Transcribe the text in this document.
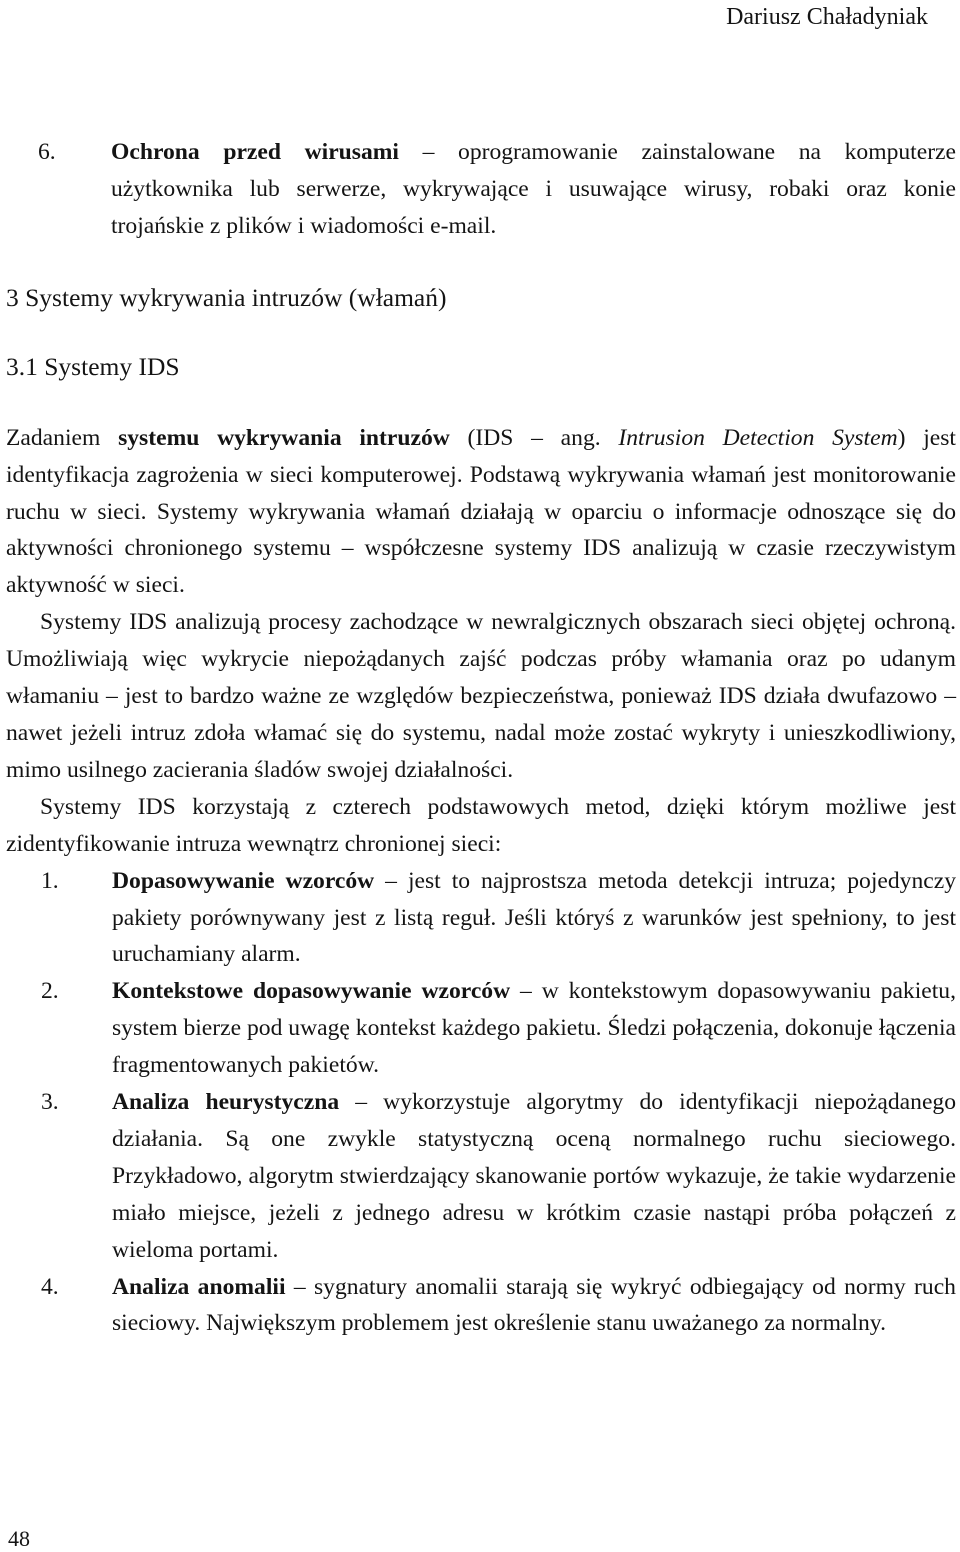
Dariusz Chaładyniak
6.	Ochrona przed wirusami – oprogramowanie zainstalowane na komputerze użytkownika lub serwerze, wykrywające i usuwające wirusy, robaki oraz konie trojańskie z plików i wiadomości e-mail.
3 Systemy wykrywania intruzów (włamań)
3.1 Systemy IDS

Zadaniem systemu wykrywania intruzów (IDS – ang. Intrusion Detection System) jest identyfikacja zagrożenia w sieci komputerowej. Podstawą wykrywania włamań jest monitorowanie ruchu w sieci. Systemy wykrywania włamań działają w oparciu o informacje odnoszące się do aktywności chronionego systemu – współczesne systemy IDS analizują w czasie rzeczywistym aktywność w sieci.

Systemy IDS analizują procesy zachodzące w newralgicznych obszarach sieci objętej ochroną. Umożliwiają więc wykrycie niepożądanych zajść podczas próby włamania oraz po udanym włamaniu – jest to bardzo ważne ze względów bezpieczeństwa, ponieważ IDS działa dwufazowo – nawet jeżeli intruz zdoła włamać się do systemu, nadal może zostać wykryty i unieszkodliwiony, mimo usilnego zacierania śladów swojej działalności.

Systemy IDS korzystają z czterech podstawowych metod, dzięki którym możliwe jest zidentyfikowanie intruza wewnątrz chronionej sieci:

1.	Dopasowywanie wzorców – jest to najprostsza metoda detekcji intruza; pojedynczy pakiety porównywany jest z listą reguł. Jeśli któryś z warunków jest spełniony, to jest uruchamiany alarm.
2.	Kontekstowe dopasowywanie wzorców – w kontekstowym dopasowywaniu pakietu, system bierze pod uwagę kontekst każdego pakietu. Śledzi połączenia, dokonuje łączenia fragmentowanych pakietów.
3.	Analiza heurystyczna – wykorzystuje algorytmy do identyfikacji niepożądanego działania. Są one zwykle statystyczną oceną normalnego ruchu sieciowego. Przykładowo, algorytm stwierdzający skanowanie portów wykazuje, że takie wydarzenie miało miejsce, jeżeli z jednego adresu w krótkim czasie nastąpi próba połączeń z wieloma portami.
4.	Analiza anomalii – sygnatury anomalii starają się wykryć odbiegający od normy ruch sieciowy. Największym problemem jest określenie stanu uważanego za normalny.
48
